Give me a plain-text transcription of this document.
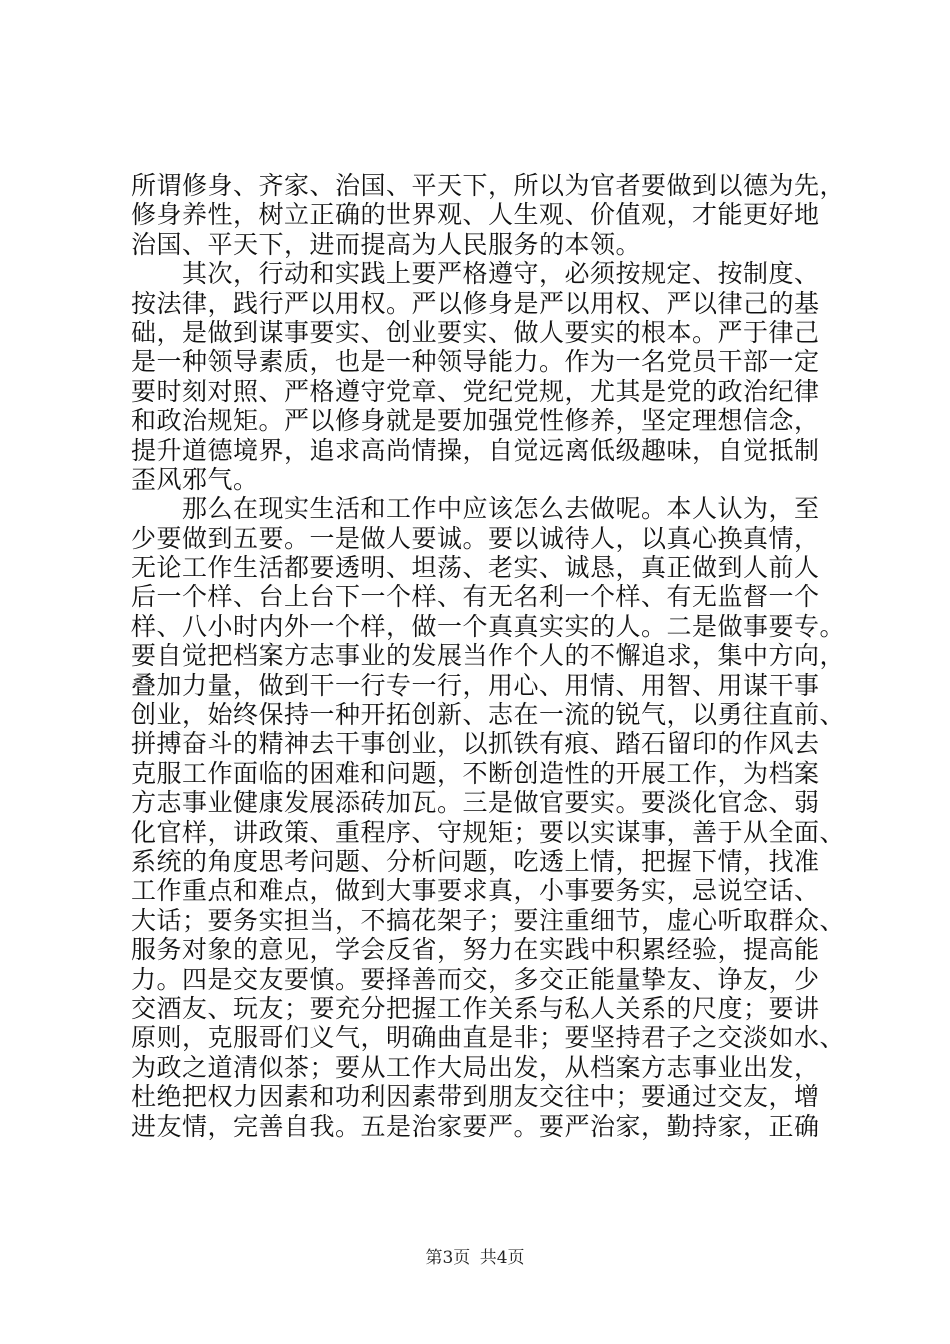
所谓修身、齐家、治国、平天下，所以为官者要做到以德为先，
修身养性，树立正确的世界观、人生观、价值观，才能更好地
治国、平天下，进而提高为人民服务的本领。
其次，行动和实践上要严格遵守，必须按规定、按制度、
按法律，践行严以用权。严以修身是严以用权、严以律己的基
础，是做到谋事要实、创业要实、做人要实的根本。严于律己
是一种领导素质，也是一种领导能力。作为一名党员干部一定
要时刻对照、严格遵守党章、党纪党规，尤其是党的政治纪律
和政治规矩。严以修身就是要加强党性修养，坚定理想信念，
提升道德境界，追求高尚情操，自觉远离低级趣味，自觉抵制
歪风邪气。
那么在现实生活和工作中应该怎么去做呢。本人认为，至
少要做到五要。一是做人要诚。要以诚待人，以真心换真情，
无论工作生活都要透明、坦荡、老实、诚恳，真正做到人前人
后一个样、台上台下一个样、有无名利一个样、有无监督一个
样、八小时内外一个样，做一个真真实实的人。二是做事要专。
要自觉把档案方志事业的发展当作个人的不懈追求，集中方向，
叠加力量，做到干一行专一行，用心、用情、用智、用谋干事
创业，始终保持一种开拓创新、志在一流的锐气，以勇往直前、
拼搏奋斗的精神去干事创业，以抓铁有痕、踏石留印的作风去
克服工作面临的困难和问题，不断创造性的开展工作，为档案
方志事业健康发展添砖加瓦。三是做官要实。要淡化官念、弱
化官样，讲政策、重程序、守规矩；要以实谋事，善于从全面、
系统的角度思考问题、分析问题，吃透上情，把握下情，找准
工作重点和难点，做到大事要求真，小事要务实，忌说空话、
大话；要务实担当，不搞花架子；要注重细节，虚心听取群众、
服务对象的意见，学会反省，努力在实践中积累经验，提高能
力。四是交友要慎。要择善而交，多交正能量挚友、诤友，少
交酒友、玩友；要充分把握工作关系与私人关系的尺度；要讲
原则，克服哥们义气，明确曲直是非；要坚持君子之交淡如水、
为政之道清似茶；要从工作大局出发，从档案方志事业出发，
杜绝把权力因素和功利因素带到朋友交往中；要通过交友，增
进友情，完善自我。五是治家要严。要严治家，勤持家，正确
第3页 共4页
